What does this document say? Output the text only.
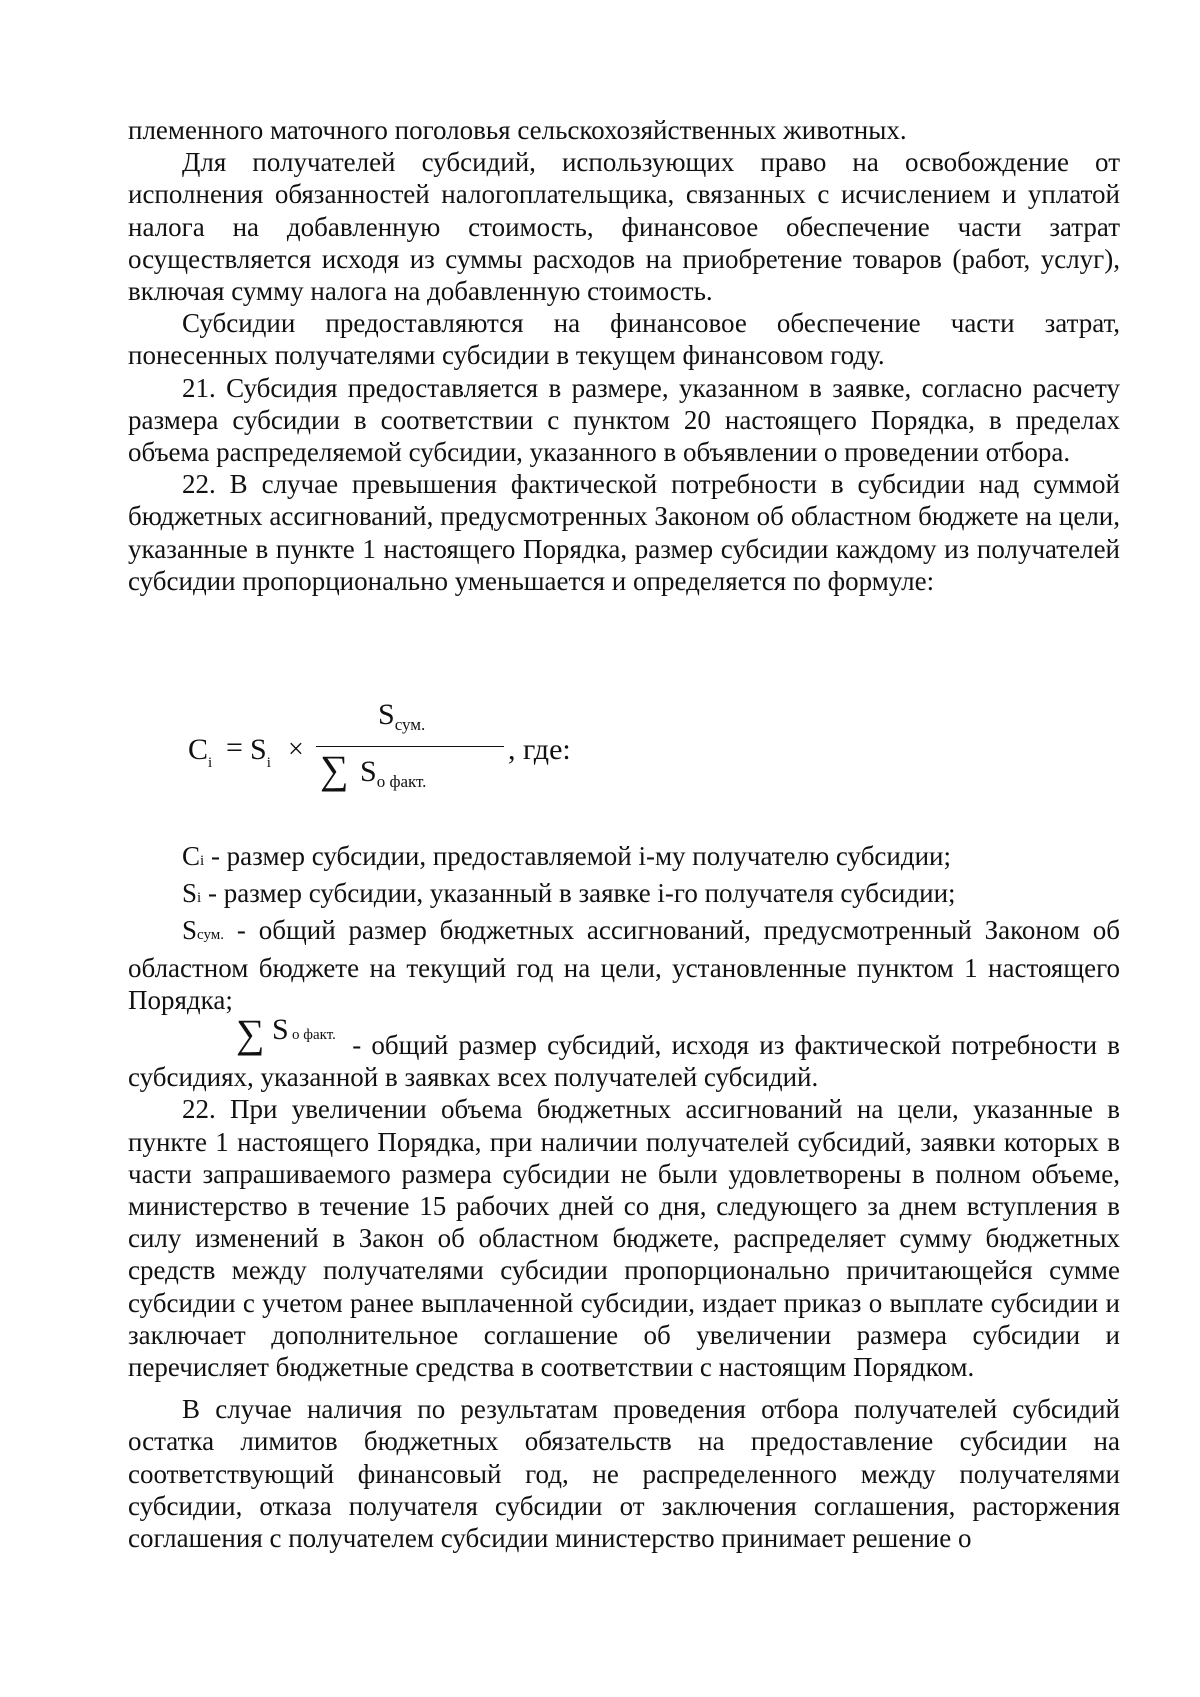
племенного маточного поголовья сельскохозяйственных животных.

Для получателей субсидий, использующих право на освобождение от исполнения обязанностей налогоплательщика, связанных с исчислением и уплатой налога на добавленную стоимость, финансовое обеспечение части затрат осуществляется исходя из суммы расходов на приобретение товаров (работ, услуг), включая сумму налога на добавленную стоимость.

Субсидии предоставляются на финансовое обеспечение части затрат, понесенных получателями субсидии в текущем финансовом году.

21. Субсидия предоставляется в размере, указанном в заявке, согласно расчету размера субсидии в соответствии с пунктом 20 настоящего Порядка, в пределах объема распределяемой субсидии, указанного в объявлении о проведении отбора.

22. В случае превышения фактической потребности в субсидии над суммой бюджетных ассигнований, предусмотренных Законом об областном бюджете на цели, указанные в пункте 1 настоящего Порядка, размер субсидии каждому из получателей субсидии пропорционально уменьшается и определяется по формуле:

$C_i = S_i$ ×
$S_{сум.}$
∑ $S_{о факт.}$
, где:

Ci - размер субсидии, предоставляемой i-му получателю субсидии;

Si - размер субсидии, указанный в заявке i-го получателя субсидии;

Sсум. - общий размер бюджетных ассигнований, предусмотренный Законом об областном бюджете на текущий год на цели, установленные пунктом 1 настоящего Порядка;

∑ S о факт. - общий размер субсидий, исходя из фактической потребности в субсидиях, указанной в заявках всех получателей субсидий.

22. При увеличении объема бюджетных ассигнований на цели, указанные в пункте 1 настоящего Порядка, при наличии получателей субсидий, заявки которых в части запрашиваемого размера субсидии не были удовлетворены в полном объеме, министерство в течение 15 рабочих дней со дня, следующего за днем вступления в силу изменений в Закон об областном бюджете, распределяет сумму бюджетных средств между получателями субсидии пропорционально причитающейся сумме субсидии с учетом ранее выплаченной субсидии, издает приказ о выплате субсидии и заключает дополнительное соглашение об увеличении размера субсидии и перечисляет бюджетные средства в соответствии с настоящим Порядком.

В случае наличия по результатам проведения отбора получателей субсидий остатка лимитов бюджетных обязательств на предоставление субсидии на соответствующий финансовый год, не распределенного между получателями субсидии, отказа получателя субсидии от заключения соглашения, расторжения соглашения с получателем субсидии министерство принимает решение о
